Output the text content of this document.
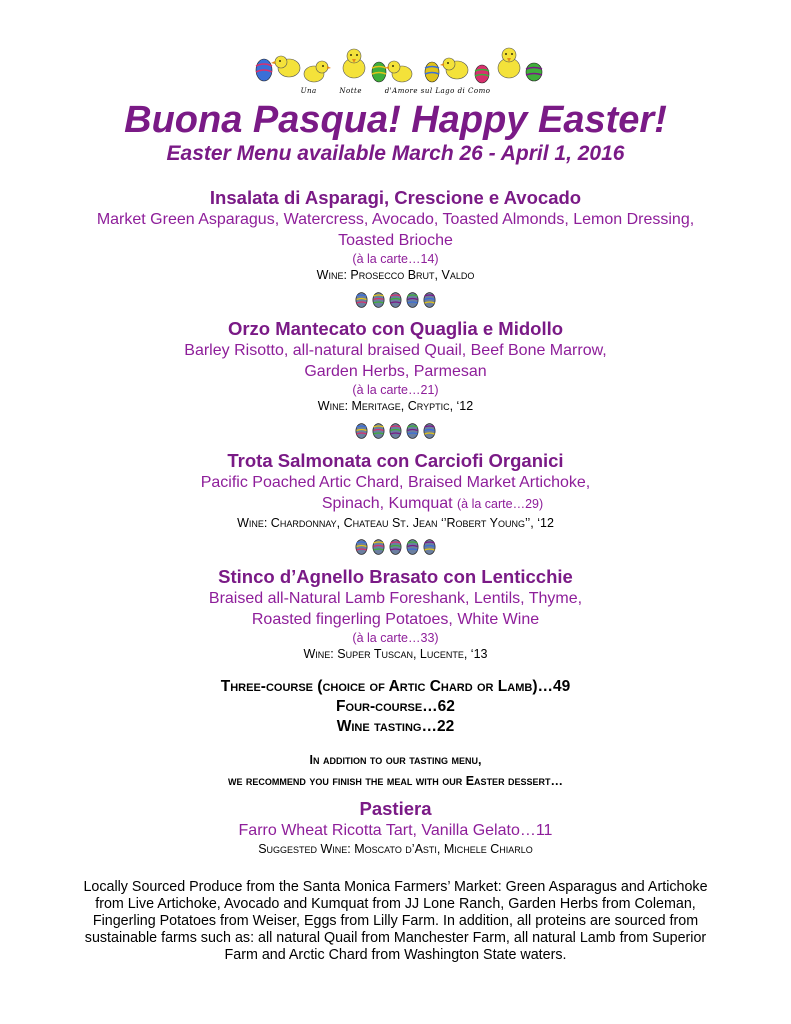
Una	Notte	d'Amore sul Lago di Como
Buona Pasqua! Happy Easter!
Easter Menu available March 26 - April 1, 2016
Insalata di Asparagi, Crescione e Avocado
Market Green Asparagus, Watercress, Avocado, Toasted Almonds, Lemon Dressing,
Toasted Brioche
(à la carte…14)
Wine: Prosecco Brut, Valdo
Orzo Mantecato con Quaglia e Midollo
Barley Risotto, all-natural braised Quail, Beef Bone Marrow,
Garden Herbs, Parmesan
(à la carte…21)
Wine: Meritage, Cryptic, ‘12
Trota Salmonata con Carciofi Organici
Pacific Poached Artic Chard, Braised Market Artichoke,
Spinach, Kumquat (à la carte…29)
Wine: Chardonnay, Chateau St. Jean ‘’Robert Young’’, ‘12
Stinco d’Agnello Brasato con Lenticchie
Braised all-Natural Lamb Foreshank, Lentils, Thyme,
Roasted fingerling Potatoes, White Wine
(à la carte…33)
Wine: Super Tuscan, Lucente, ‘13
Three-course (choice of Artic Chard or Lamb)…49
Four-course…62
Wine tasting…22
In addition to our tasting menu,
we recommend you finish the meal with our Easter dessert…
Pastiera
Farro Wheat Ricotta Tart, Vanilla Gelato…11
Suggested Wine: Moscato d’Asti, Michele Chiarlo
Locally Sourced Produce from the Santa Monica Farmers’ Market: Green Asparagus and Artichoke
from Live Artichoke, Avocado and Kumquat from JJ Lone Ranch, Garden Herbs from Coleman,
Fingerling Potatoes from Weiser, Eggs from Lilly Farm. In addition, all proteins are sourced from
sustainable farms such as: all natural Quail from Manchester Farm, all natural Lamb from Superior
Farm and Arctic Chard from Washington State waters.
